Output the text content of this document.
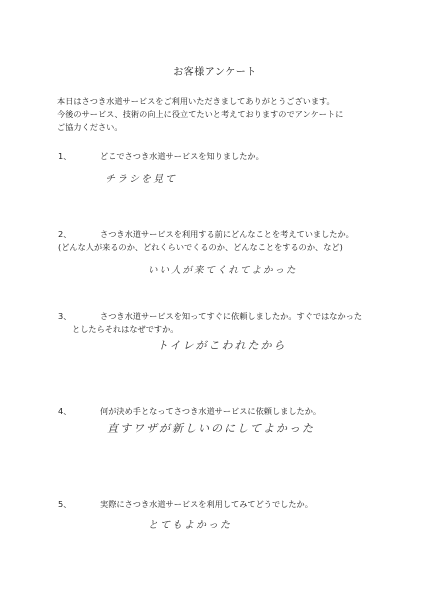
お客様アンケート
本日はさつき水道サービスをご利用いただきましてありがとうございます。
今後のサービス、技術の向上に役立てたいと考えておりますのでアンケートに
ご協力ください。
1、	どこでさつき水道サービスを知りましたか。
チラシを見て
2、	さつき水道サービスを利用する前にどんなことを考えていましたか。
(どんな人が来るのか、どれくらいでくるのか、どんなことをするのか、など)
いい人が来てくれてよかった
3、	さつき水道サービスを知ってすぐに依頼しましたか。すぐではなかった
としたらそれはなぜですか。
トイレがこわれたから
4、	何が決め手となってさつき水道サービスに依頼しましたか。
直すワザが新しいのにしてよかった
5、	実際にさつき水道サービスを利用してみてどうでしたか。
とてもよかった
